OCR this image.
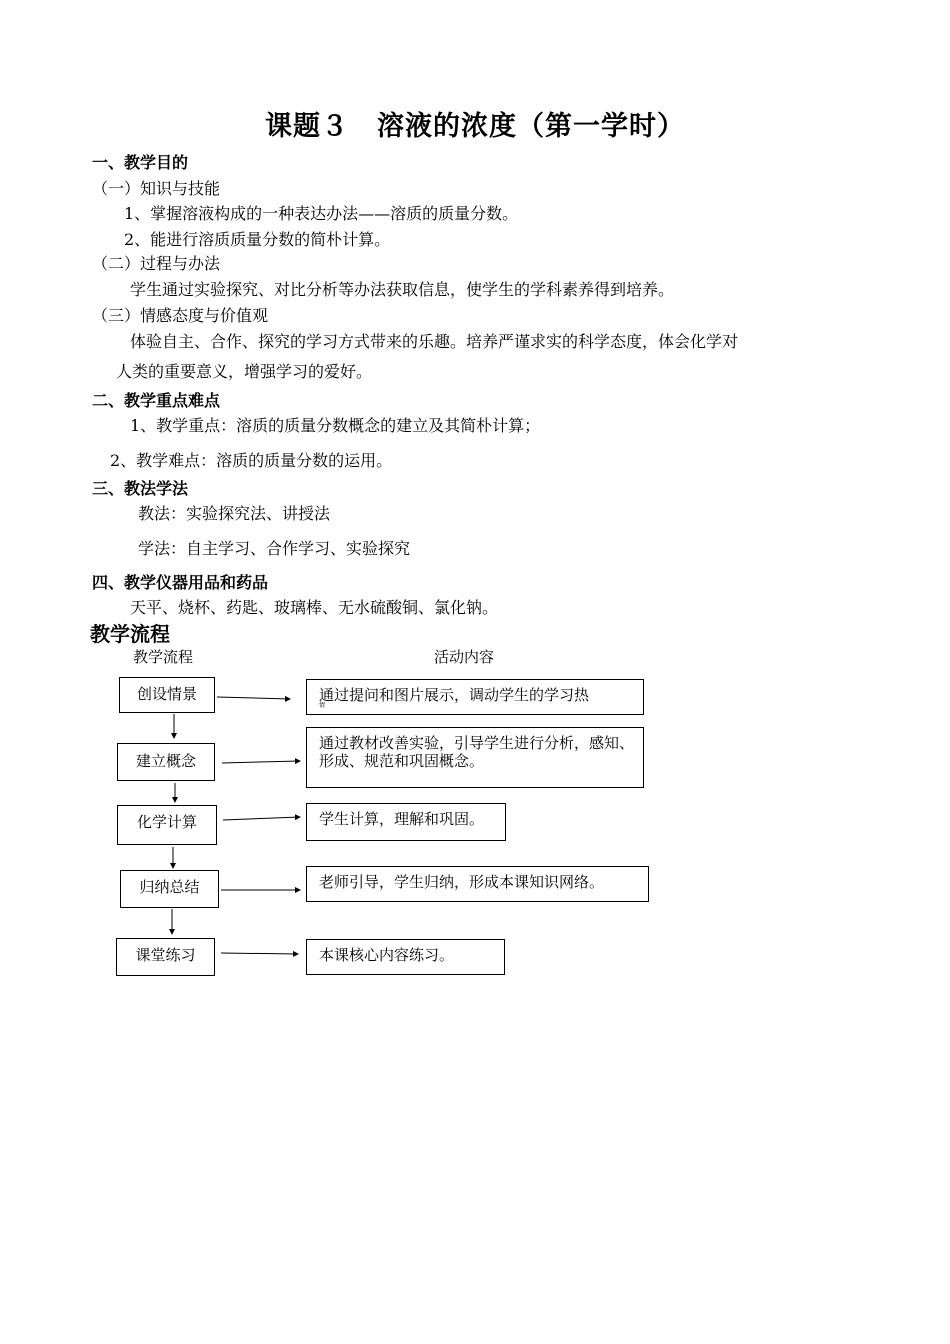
课题３　溶液的浓度（第一学时）
一、教学目的
（一）知识与技能
1、掌握溶液构成的一种表达办法——溶质的质量分数。
2、能进行溶质质量分数的简朴计算。
（二）过程与办法
学生通过实验探究、对比分析等办法获取信息，使学生的学科素养得到培养。
（三）情感态度与价值观
体验自主、合作、探究的学习方式带来的乐趣。培养严谨求实的科学态度，体会化学对
人类的重要意义，增强学习的爱好。
二、教学重点难点
1、教学重点：溶质的质量分数概念的建立及其简朴计算；
2、教学难点：溶质的质量分数的运用。
三、教法学法
教法：实验探究法、讲授法
学法：自主学习、合作学习、实验探究
四、教学仪器用品和药品
天平、烧杯、药匙、玻璃棒、无水硫酸铜、氯化钠。
教学流程
教学流程	活动内容
创设情景
建立概念
化学计算
归纳总结
课堂练习
通过提问和图片展示，调动学生的学习热
情
通过教材改善实验，引导学生进行分析，感知、形成、规范和巩固概念。
学生计算，理解和巩固。
老师引导，学生归纳，形成本课知识网络。
本课核心内容练习。
